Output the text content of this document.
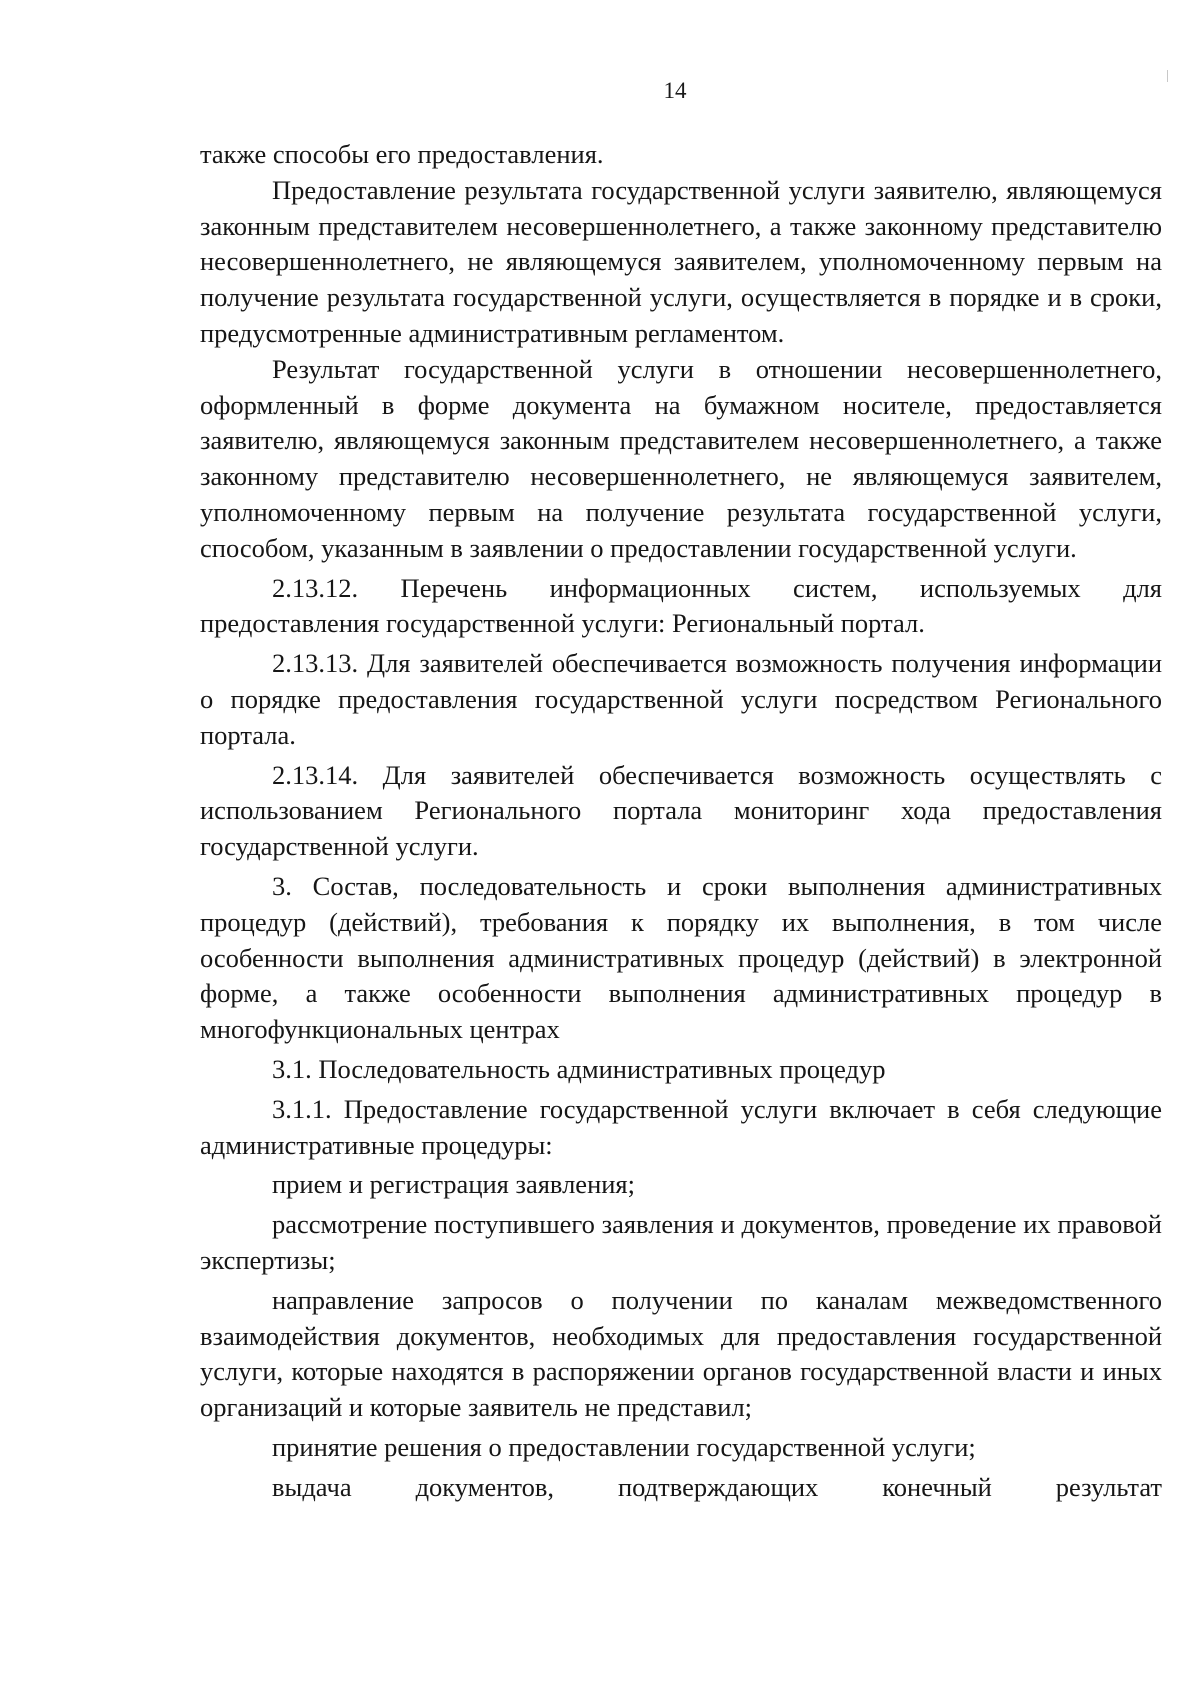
14

также способы его предоставления.

Предоставление результата государственной услуги заявителю, являющемуся законным представителем несовершеннолетнего, а также законному представителю несовершеннолетнего, не являющемуся заявителем, уполномоченному первым на получение результата государственной услуги, осуществляется в порядке и в сроки, предусмотренные административным регламентом.

Результат государственной услуги в отношении несовершеннолетнего, оформленный в форме документа на бумажном носителе, предоставляется заявителю, являющемуся законным представителем несовершеннолетнего, а также законному представителю несовершеннолетнего, не являющемуся заявителем, уполномоченному первым на получение результата государственной услуги, способом, указанным в заявлении о предоставлении государственной услуги.

2.13.12. Перечень информационных систем, используемых для предоставления государственной услуги: Региональный портал.

2.13.13. Для заявителей обеспечивается возможность получения информации о порядке предоставления государственной услуги посредством Регионального портала.

2.13.14. Для заявителей обеспечивается возможность осуществлять с использованием Регионального портала мониторинг хода предоставления государственной услуги.

3. Состав, последовательность и сроки выполнения административных процедур (действий), требования к порядку их выполнения, в том числе особенности выполнения административных процедур (действий) в электронной форме, а также особенности выполнения административных процедур в многофункциональных центрах

3.1. Последовательность административных процедур

3.1.1. Предоставление государственной услуги включает в себя следующие административные процедуры:

прием и регистрация заявления;

рассмотрение поступившего заявления и документов, проведение их правовой экспертизы;

направление запросов о получении по каналам межведомственного взаимодействия документов, необходимых для предоставления государственной услуги, которые находятся в распоряжении органов государственной власти и иных организаций и которые заявитель не представил;

принятие решения о предоставлении государственной услуги;

выдача документов, подтверждающих конечный результат
